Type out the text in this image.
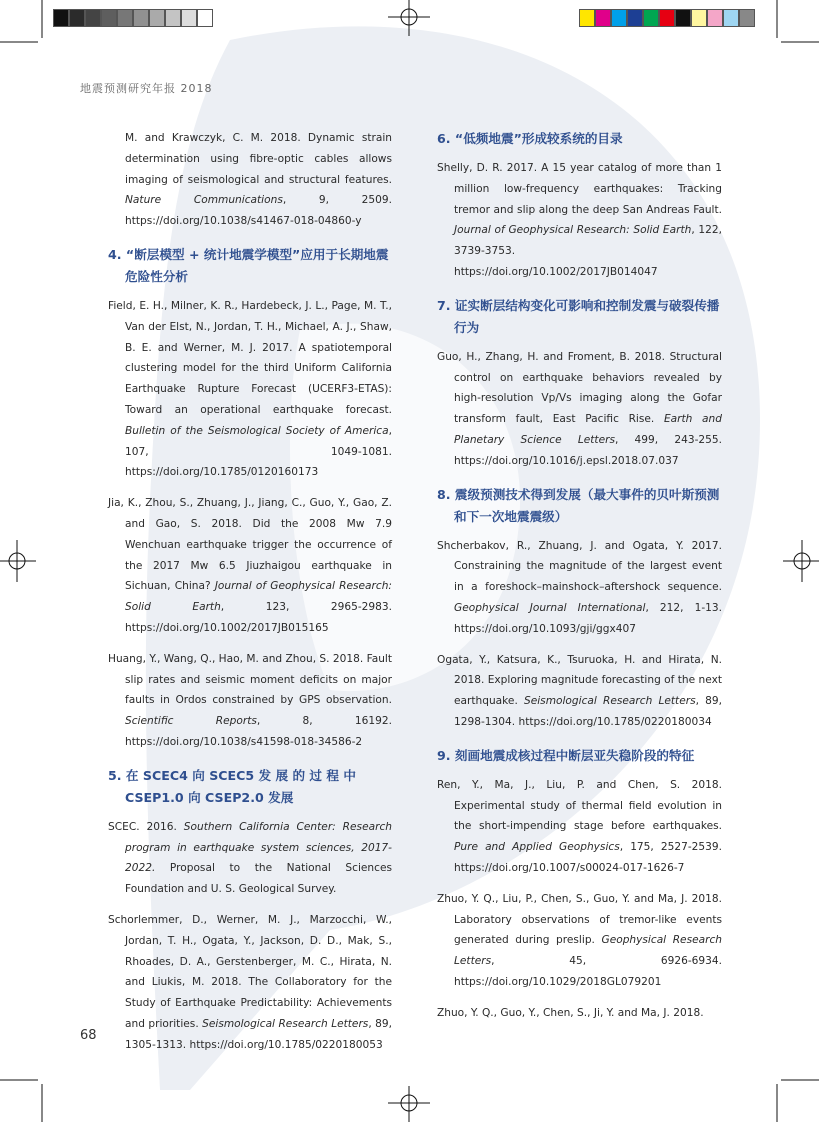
地震预测研究年报 2018

M. and Krawczyk, C. M. 2018. Dynamic strain determination using fibre-optic cables allows imaging of seismological and structural features. Nature Communications, 9, 2509. https://doi.org/10.1038/s41467-018-04860-y

4. “断层模型 + 统计地震学模型”应用于长期地震危险性分析

Field, E. H., Milner, K. R., Hardebeck, J. L., Page, M. T., Van der Elst, N., Jordan, T. H., Michael, A. J., Shaw, B. E. and Werner, M. J. 2017. A spatiotemporal clustering model for the third Uniform California Earthquake Rupture Forecast (UCERF3-ETAS): Toward an operational earthquake forecast. Bulletin of the Seismological Society of America, 107, 1049-1081. https://doi.org/10.1785/0120160173

Jia, K., Zhou, S., Zhuang, J., Jiang, C., Guo, Y., Gao, Z. and Gao, S. 2018. Did the 2008 Mw 7.9 Wenchuan earthquake trigger the occurrence of the 2017 Mw 6.5 Jiuzhaigou earthquake in Sichuan, China? Journal of Geophysical Research: Solid Earth, 123, 2965-2983. https://doi.org/10.1002/2017JB015165

Huang, Y., Wang, Q., Hao, M. and Zhou, S. 2018. Fault slip rates and seismic moment deficits on major faults in Ordos constrained by GPS observation. Scientific Reports, 8, 16192. https://doi.org/10.1038/s41598-018-34586-2

5. 在 SCEC4 向 SCEC5 发 展 的 过 程 中 CSEP1.0 向 CSEP2.0 发展

SCEC. 2016. Southern California Center: Research program in earthquake system sciences, 2017-2022. Proposal to the National Sciences Foundation and U. S. Geological Survey.

Schorlemmer, D., Werner, M. J., Marzocchi, W., Jordan, T. H., Ogata, Y., Jackson, D. D., Mak, S., Rhoades, D. A., Gerstenberger, M. C., Hirata, N. and Liukis, M. 2018. The Collaboratory for the Study of Earthquake Predictability: Achievements and priorities. Seismological Research Letters, 89, 1305-1313. https://doi.org/10.1785/0220180053

6. “低频地震”形成较系统的目录

Shelly, D. R. 2017. A 15 year catalog of more than 1 million low-frequency earthquakes: Tracking tremor and slip along the deep San Andreas Fault. Journal of Geophysical Research: Solid Earth, 122, 3739-3753. https://doi.org/10.1002/2017JB014047

7. 证实断层结构变化可影响和控制发震与破裂传播行为

Guo, H., Zhang, H. and Froment, B. 2018. Structural control on earthquake behaviors revealed by high-resolution Vp/Vs imaging along the Gofar transform fault, East Pacific Rise. Earth and Planetary Science Letters, 499, 243-255. https://doi.org/10.1016/j.epsl.2018.07.037

8. 震级预测技术得到发展（最大事件的贝叶斯预测和下一次地震震级）

Shcherbakov, R., Zhuang, J. and Ogata, Y. 2017. Constraining the magnitude of the largest event in a foreshock–mainshock–aftershock sequence. Geophysical Journal International, 212, 1-13. https://doi.org/10.1093/gji/ggx407

Ogata, Y., Katsura, K., Tsuruoka, H. and Hirata, N. 2018. Exploring magnitude forecasting of the next earthquake. Seismological Research Letters, 89, 1298-1304. https://doi.org/10.1785/0220180034

9. 刻画地震成核过程中断层亚失稳阶段的特征

Ren, Y., Ma, J., Liu, P. and Chen, S. 2018. Experimental study of thermal field evolution in the short-impending stage before earthquakes. Pure and Applied Geophysics, 175, 2527-2539. https://doi.org/10.1007/s00024-017-1626-7

Zhuo, Y. Q., Liu, P., Chen, S., Guo, Y. and Ma, J. 2018. Laboratory observations of tremor-like events generated during preslip. Geophysical Research Letters, 45, 6926-6934. https://doi.org/10.1029/2018GL079201

Zhuo, Y. Q., Guo, Y., Chen, S., Ji, Y. and Ma, J. 2018.

68
